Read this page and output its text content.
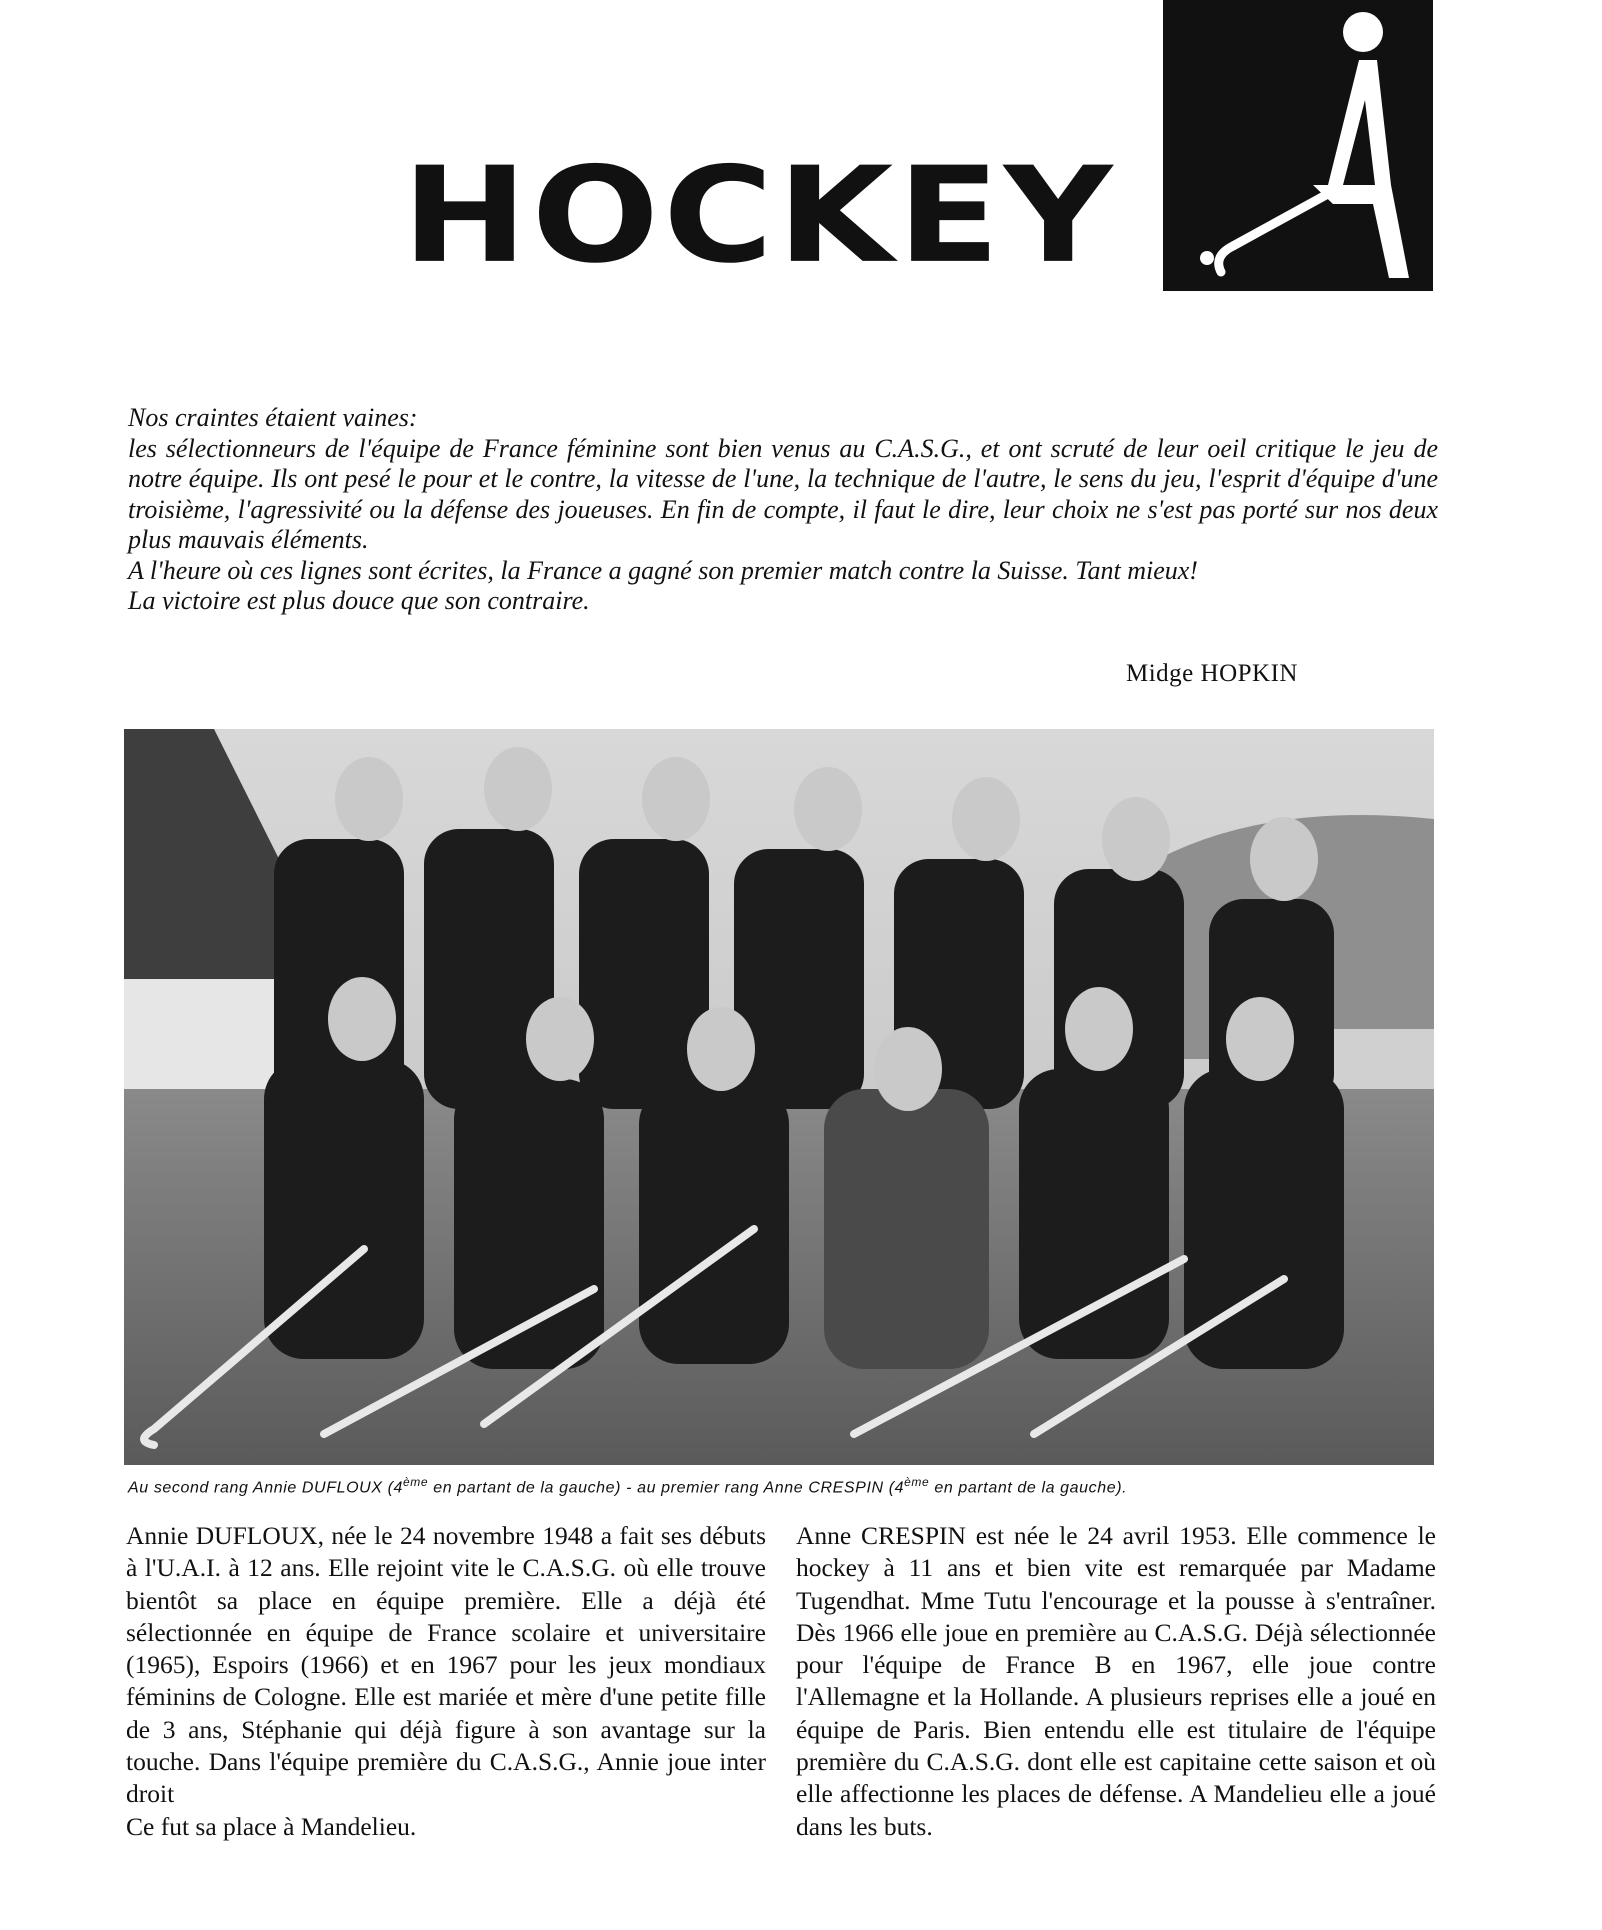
HOCKEY

Nos craintes étaient vaines:

les sélectionneurs de l'équipe de France féminine sont bien venus au C.A.S.G., et ont scruté de leur oeil critique le jeu de notre équipe. Ils ont pesé le pour et le contre, la vitesse de l'une, la technique de l'autre, le sens du jeu, l'esprit d'équipe d'une troisième, l'agressivité ou la défense des joueuses. En fin de compte, il faut le dire, leur choix ne s'est pas porté sur nos deux plus mauvais éléments.

A l'heure où ces lignes sont écrites, la France a gagné son premier match contre la Suisse. Tant mieux!

La victoire est plus douce que son contraire.

Midge HOPKIN
Au second rang Annie DUFLOUX (4ème en partant de la gauche) - au premier rang Anne CRESPIN (4ème en partant de la gauche).

Annie DUFLOUX, née le 24 novembre 1948 a fait ses débuts à l'U.A.I. à 12 ans. Elle rejoint vite le C.A.S.G. où elle trouve bientôt sa place en équipe première. Elle a déjà été sélectionnée en équipe de France scolaire et universitaire (1965), Espoirs (1966) et en 1967 pour les jeux mondiaux féminins de Cologne. Elle est mariée et mère d'une petite fille de 3 ans, Stéphanie qui déjà figure à son avantage sur la touche. Dans l'équipe première du C.A.S.G., Annie joue inter droit

Ce fut sa place à Mandelieu.

Anne CRESPIN est née le 24 avril 1953. Elle commence le hockey à 11 ans et bien vite est remarquée par Madame Tugendhat. Mme Tutu l'encourage et la pousse à s'entraîner. Dès 1966 elle joue en première au C.A.S.G. Déjà sélectionnée pour l'équipe de France B en 1967, elle joue contre l'Allemagne et la Hollande. A plusieurs reprises elle a joué en équipe de Paris. Bien entendu elle est titulaire de l'équipe première du C.A.S.G. dont elle est capitaine cette saison et où elle affectionne les places de défense. A Mandelieu elle a joué dans les buts.
